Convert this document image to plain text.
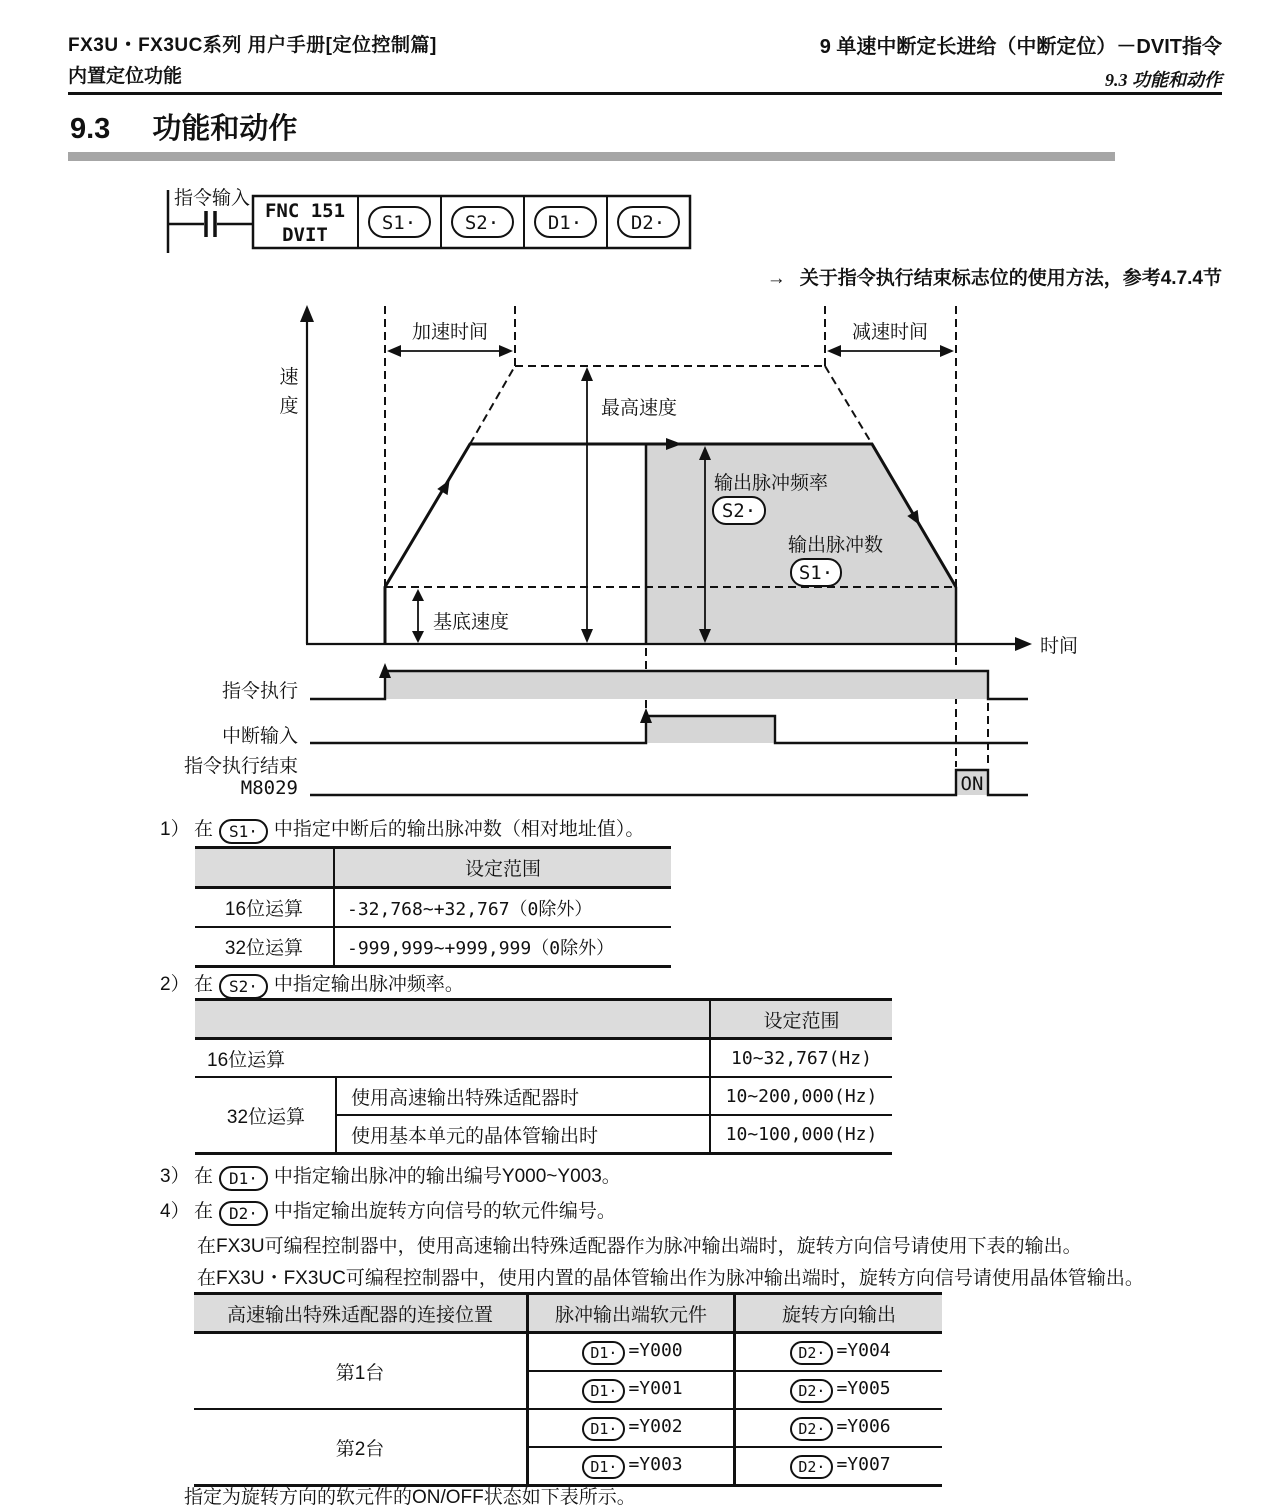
FX3U・FX3UC系列 用户手册[定位控制篇]
内置定位功能
9 单速中断定长进给（中断定位）－DVIT指令
9.3 功能和动作
9.3 功能和动作
→ 关于指令执行结束标志位的使用方法，参考4.7.4节
指令输入
FNC 151
DVIT
S1·	S2·	D1·	D2·
速
度
时间
加速时间	减速时间
最高速度
基底速度
输出脉冲频率
S2·
输出脉冲数
S1·
指令执行
中断输入
指令执行结束
M8029	ON
1） 在 S1· 中指定中断后的输出脉冲数（相对地址值）。
	设定范围
16位运算	-32,768~+32,767（0除外）
32位运算	-999,999~+999,999（0除外）
2） 在 S2· 中指定输出脉冲频率。
		设定范围
16位运算		10~32,767(Hz)
32位运算	使用高速输出特殊适配器时	10~200,000(Hz)
	使用基本单元的晶体管输出时	10~100,000(Hz)
3） 在 D1· 中指定输出脉冲的输出编号Y000~Y003。
4） 在 D2· 中指定输出旋转方向信号的软元件编号。
在FX3U可编程控制器中，使用高速输出特殊适配器作为脉冲输出端时，旋转方向信号请使用下表的输出。
在FX3U・FX3UC可编程控制器中，使用内置的晶体管输出作为脉冲输出端时，旋转方向信号请使用晶体管输出。
高速输出特殊适配器的连接位置	脉冲输出端软元件	旋转方向输出
第1台	D1· =Y000	D2· =Y004
	D1· =Y001	D2· =Y005
第2台	D1· =Y002	D2· =Y006
	D1· =Y003	D2· =Y007
指定为旋转方向的软元件的ON/OFF状态如下表所示。
